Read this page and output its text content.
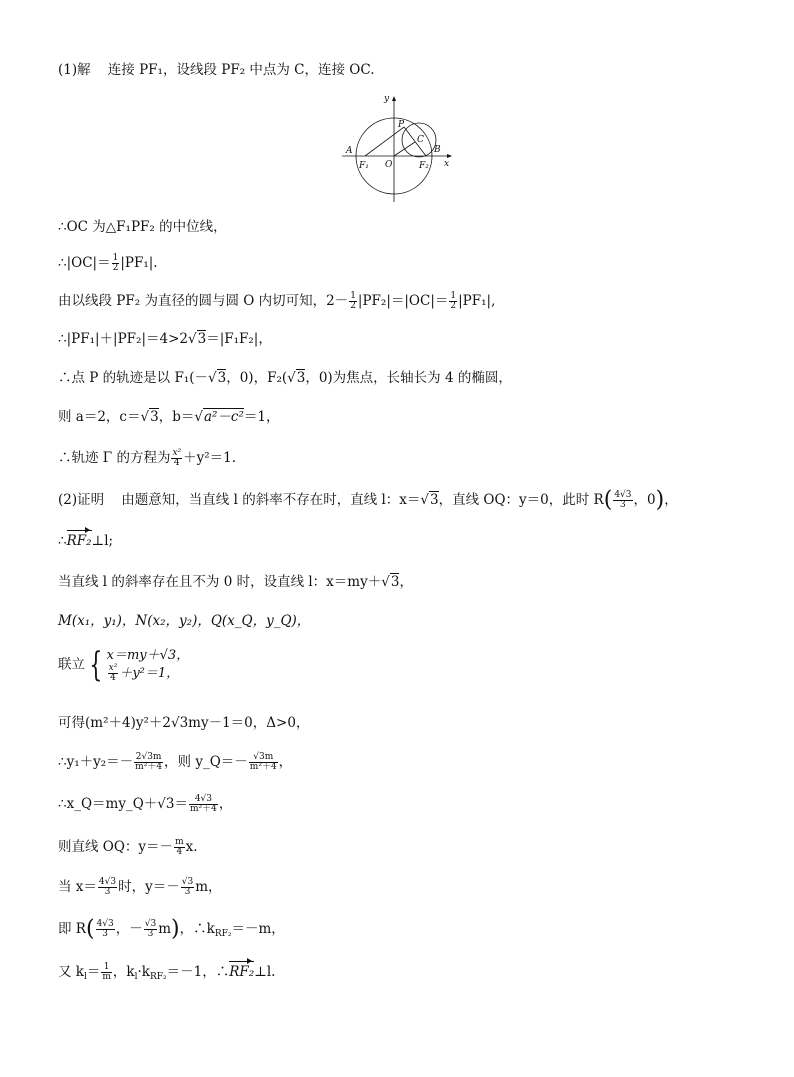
(1)解 连接 PF₁，设线段 PF₂ 中点为 C，连接 OC.
y
x
P
C
A	B
O
F₁	F₂
∴OC 为△F₁PF₂ 的中位线，
∴|OC|＝ $\frac{1}{2} |PF_1|$.
由以线段 PF₂ 为直径的圆与圆 O 内切可知，$2- \frac{1}{2} |PF_2|=|OC|= \frac{1}{2} |PF_1|$,
∴|PF₁|＋|PF₂|＝4>2√3＝|F₁F₂|，
∴点 P 的轨迹是以 F₁(－√3，0)，F₂(√3，0)为焦点，长轴长为 4 的椭圆，
则 a＝2，c＝√3，b＝√a²－c²＝1，
∴轨迹 Γ 的方程为 $\frac{\text{x²}}{4} +y^2=1$.
(2)证明 由题意知，当直线 l 的斜率不存在时，直线 l：x＝√3，直线 OQ：y＝0，此时 $R( \frac{4√3}{3}$ ，0)，
∴RF₂⊥l;
当直线 l 的斜率存在且不为 0 时，设直线 l：x＝my＋√3，
M(x₁，y₁)，N(x₂，y₂)，Q(x_Q，y_Q)，
联立 { x＝my＋√3，
$\frac{\text{x²}}{4} +y^2=1$，
可得(m²＋4)y²＋2√3my－1＝0，Δ>0，
∴y₁＋y₂＝－ $\frac{2√3m}{\text{m²＋4}}$ ，则 y_Q＝－ $\frac{√3m}{\text{m²＋4}}$ ，
∴x_Q＝my_Q＋√3＝ $\frac{4√3}{\text{m²＋4}}$ ，
则直线 OQ：$y=- \frac{m}{4} x$.
当 $x= \frac{4√3}{3}$ 时，$y=- \frac{√3}{3}$ m，
即 $R( \frac{4√3}{3}$ ，－ $\frac{√3}{3} m$)，$\therefore k_{RF_2}=-m$，
又 $k_l= \frac{1}{m}$ ，$k_l\cdot k_{RF_2}=-1$，∴RF₂⊥l.
